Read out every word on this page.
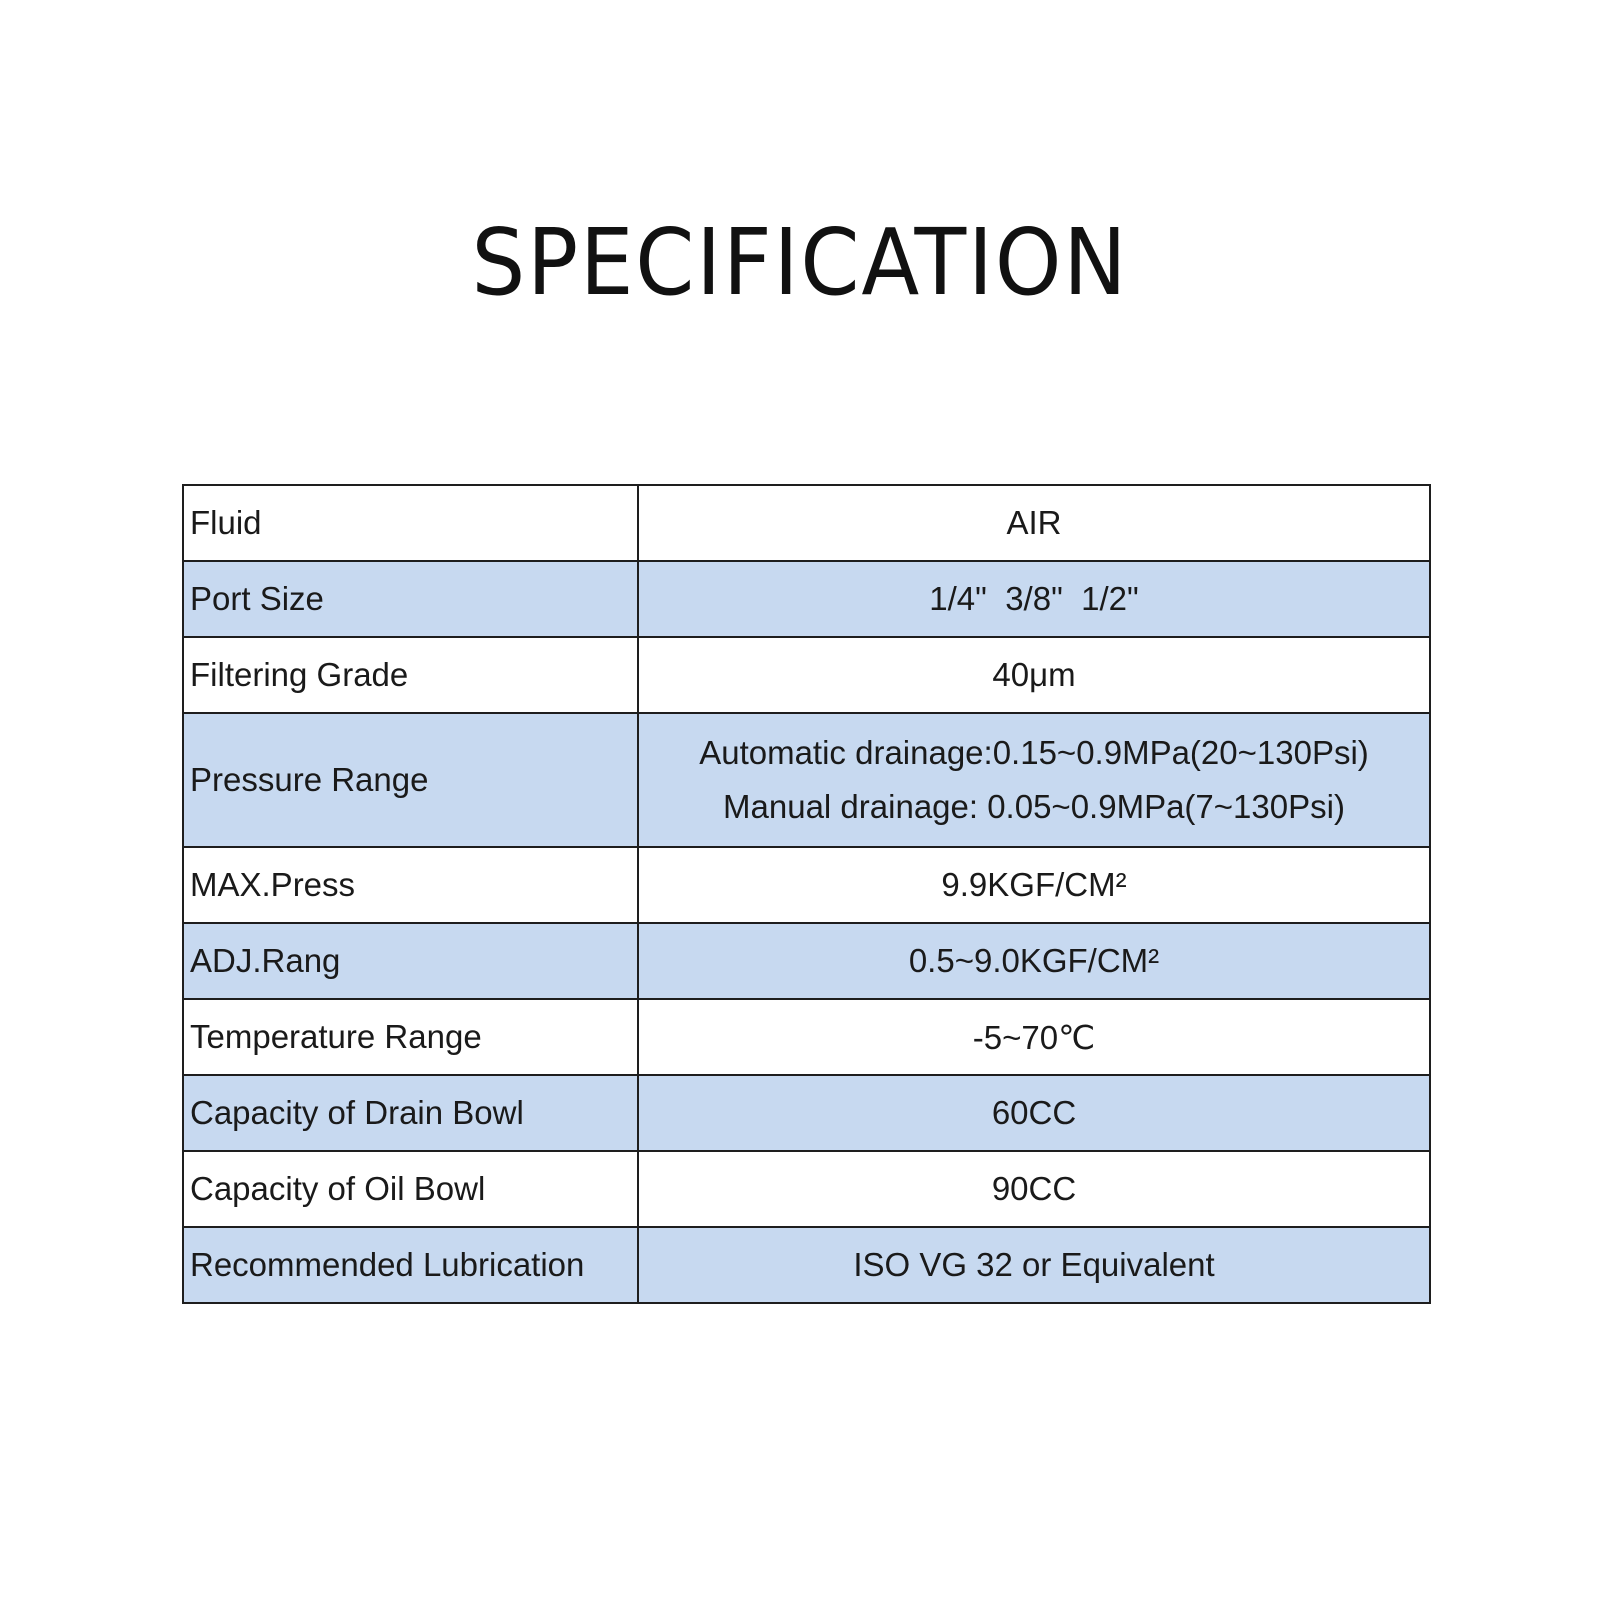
SPECIFICATION
Fluid	AIR
Port Size	1/4"  3/8"  1/2"
Filtering Grade	40μm
Pressure Range	Automatic drainage:0.15~0.9MPa(20~130Psi)
Manual drainage: 0.05~0.9MPa(7~130Psi)

MAX.Press	9.9KGF/CM²
ADJ.Rang	0.5~9.0KGF/CM²
Temperature Range	-5~70℃
Capacity of Drain Bowl	60CC
Capacity of Oil Bowl	90CC
Recommended Lubrication	ISO VG 32 or Equivalent
